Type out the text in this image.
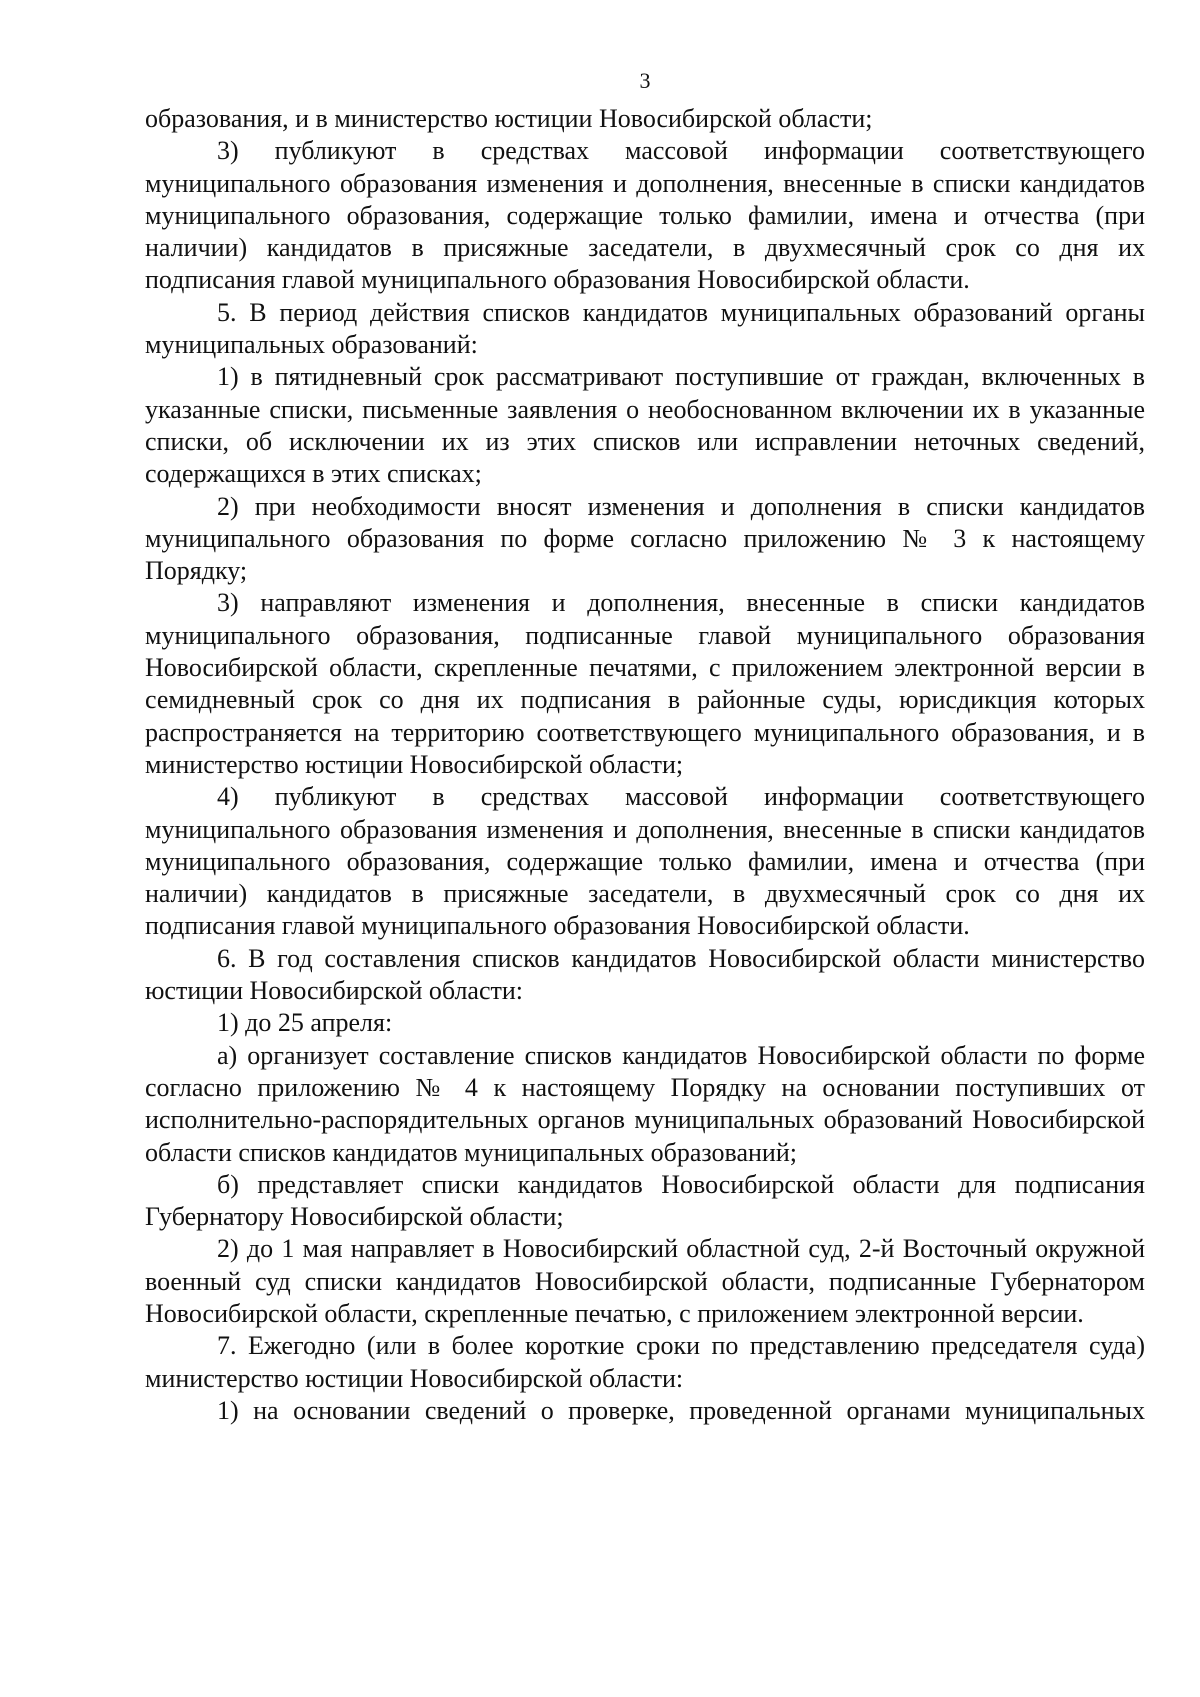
3

образования, и в министерство юстиции Новосибирской области;

3) публикуют в средствах массовой информации соответствующего муниципального образования изменения и дополнения, внесенные в списки кандидатов муниципального образования, содержащие только фамилии, имена и отчества (при наличии) кандидатов в присяжные заседатели, в двухмесячный срок со дня их подписания главой муниципального образования Новосибирской области.

5. В период действия списков кандидатов муниципальных образований органы муниципальных образований:

1) в пятидневный срок рассматривают поступившие от граждан, включенных в указанные списки, письменные заявления о необоснованном включении их в указанные списки, об исключении их из этих списков или исправлении неточных сведений, содержащихся в этих списках;

2) при необходимости вносят изменения и дополнения в списки кандидатов муниципального образования по форме согласно приложению № 3 к настоящему Порядку;

3) направляют изменения и дополнения, внесенные в списки кандидатов муниципального образования, подписанные главой муниципального образования Новосибирской области, скрепленные печатями, с приложением электронной версии в семидневный срок со дня их подписания в районные суды, юрисдикция которых распространяется на территорию соответствующего муниципального образования, и в министерство юстиции Новосибирской области;

4) публикуют в средствах массовой информации соответствующего муниципального образования изменения и дополнения, внесенные в списки кандидатов муниципального образования, содержащие только фамилии, имена и отчества (при наличии) кандидатов в присяжные заседатели, в двухмесячный срок со дня их подписания главой муниципального образования Новосибирской области.

6. В год составления списков кандидатов Новосибирской области министерство юстиции Новосибирской области:

1) до 25 апреля:

а) организует составление списков кандидатов Новосибирской области по форме согласно приложению № 4 к настоящему Порядку на основании поступивших от исполнительно-распорядительных органов муниципальных образований Новосибирской области списков кандидатов муниципальных образований;

б) представляет списки кандидатов Новосибирской области для подписания Губернатору Новосибирской области;

2) до 1 мая направляет в Новосибирский областной суд, 2-й Восточный окружной военный суд списки кандидатов Новосибирской области, подписанные Губернатором Новосибирской области, скрепленные печатью, с приложением электронной версии.

7. Ежегодно (или в более короткие сроки по представлению председателя суда) министерство юстиции Новосибирской области:

1) на основании сведений о проверке, проведенной органами муниципальных
